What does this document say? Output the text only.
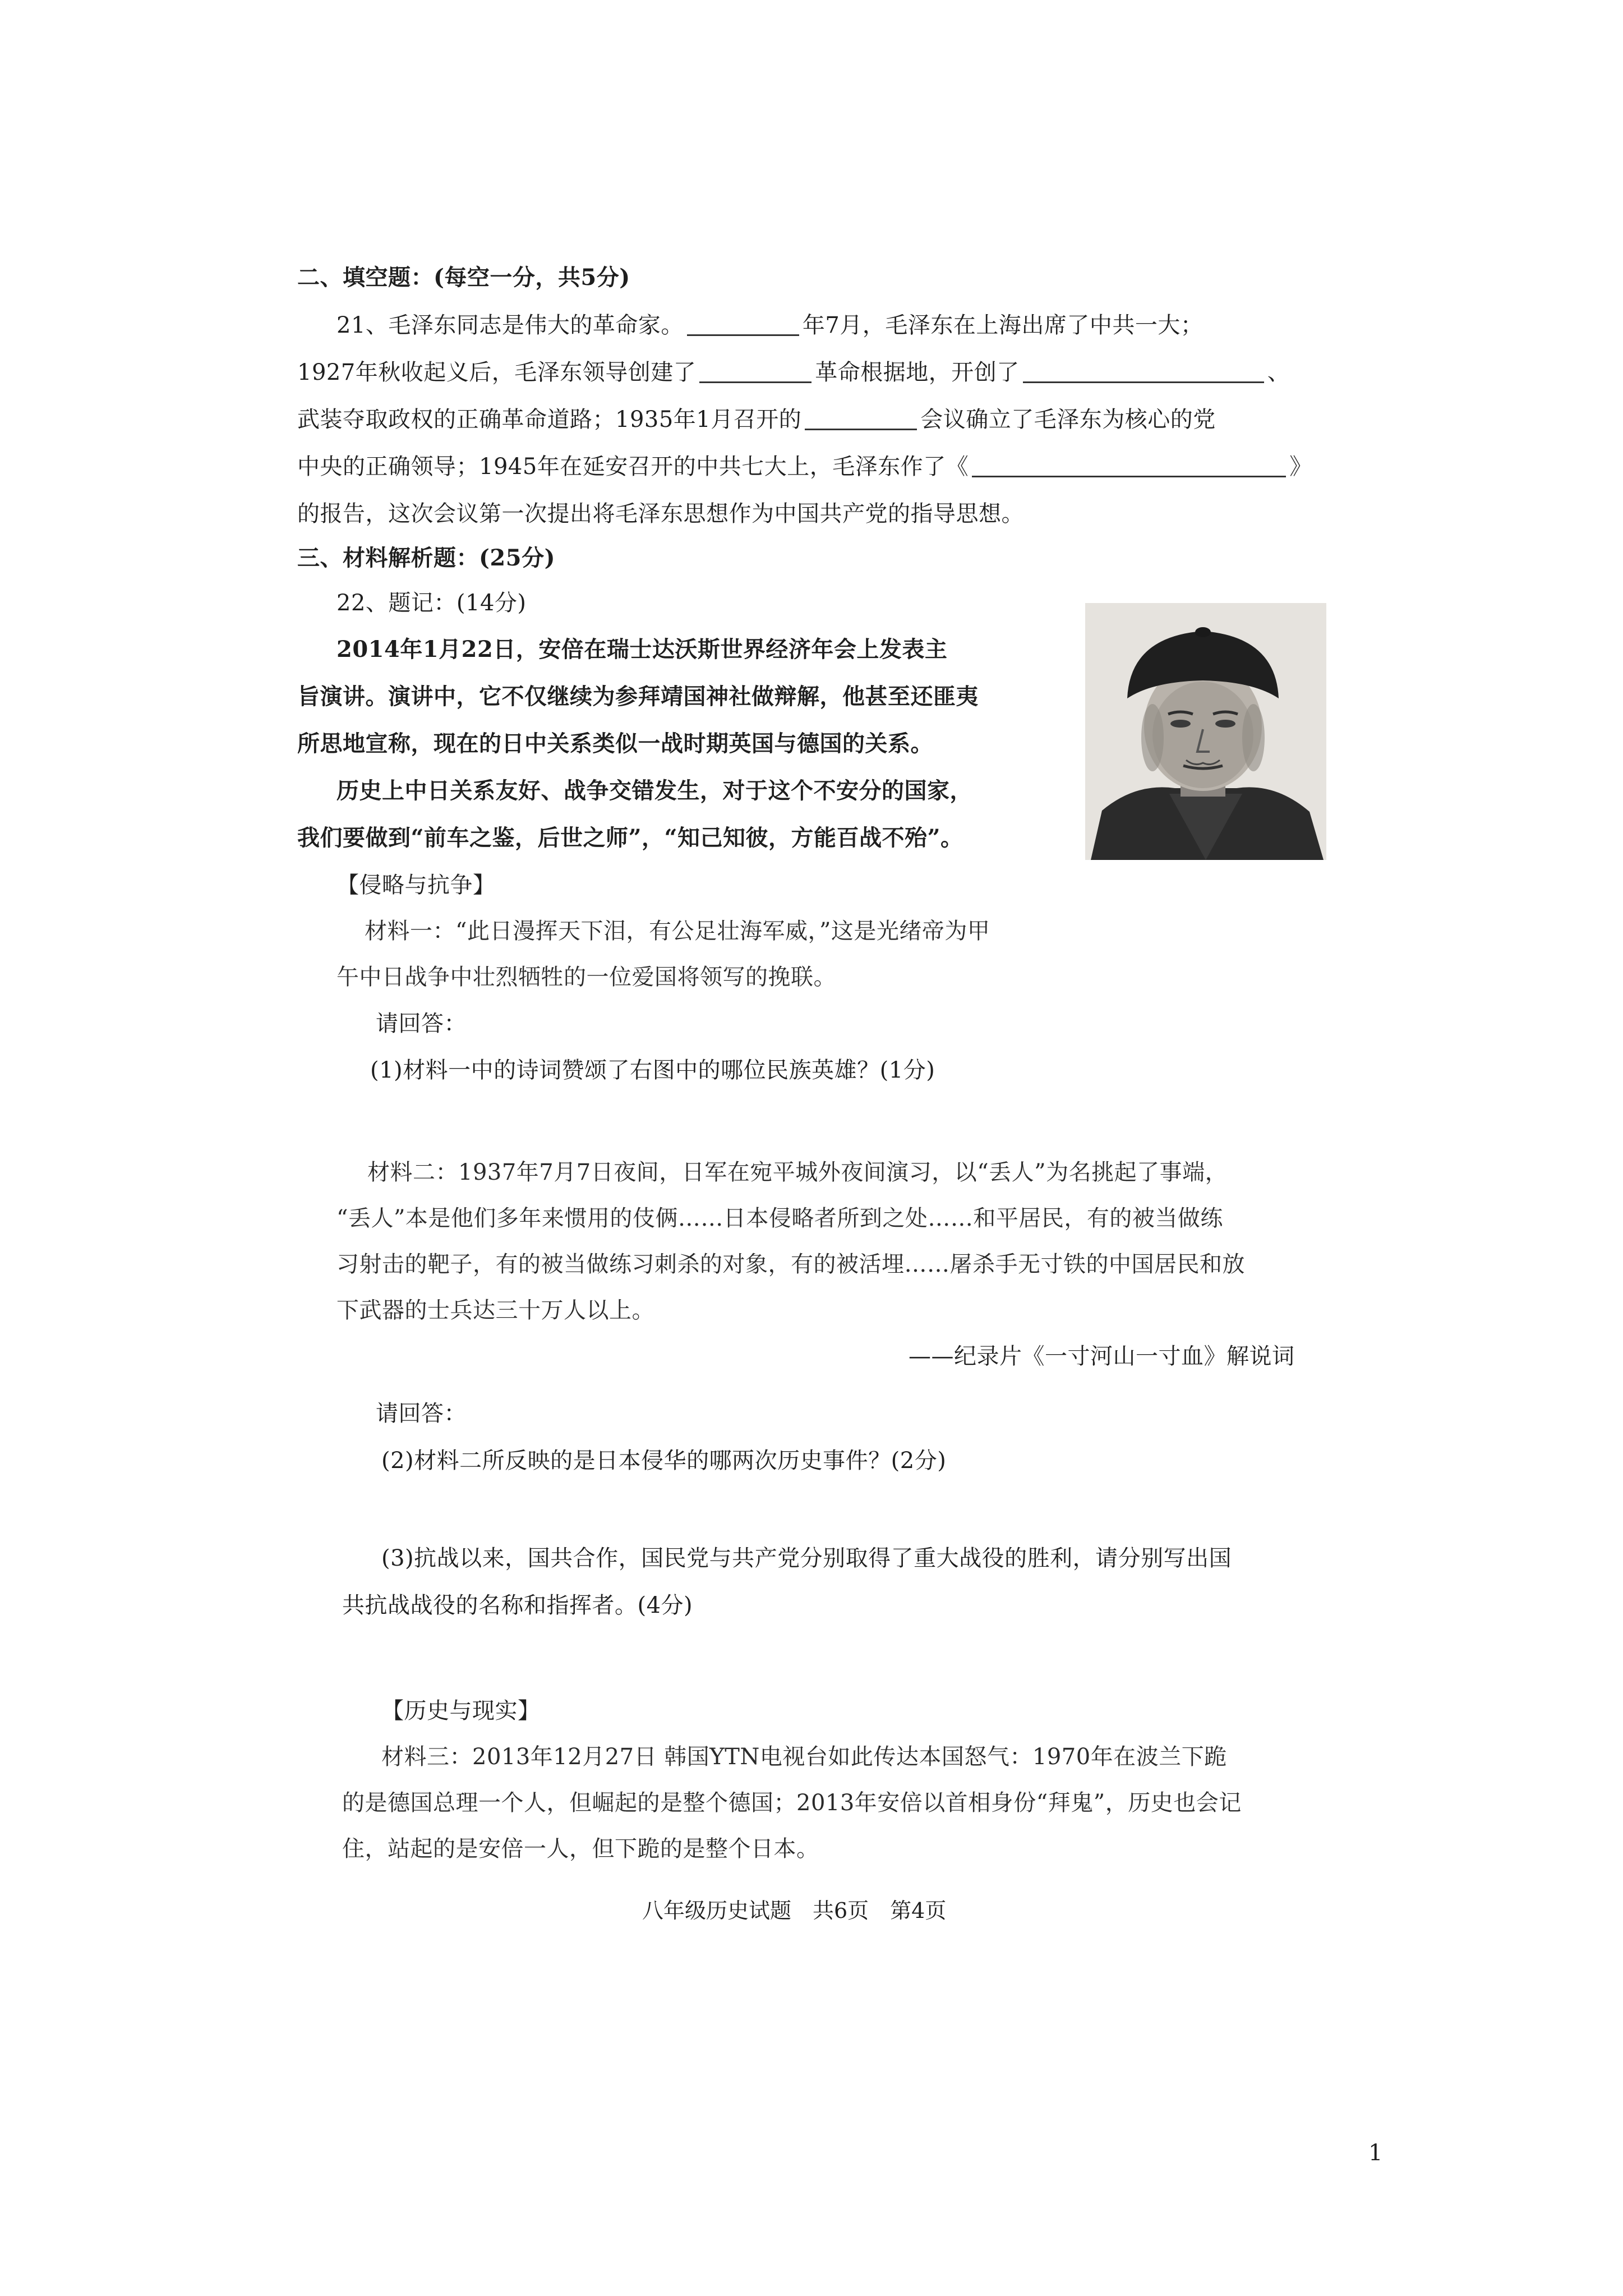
二、填空题：(每空一分，共5分)
21、毛泽东同志是伟大的革命家。	年7月，毛泽东在上海出席了中共一大；
1927年秋收起义后，毛泽东领导创建了	革命根据地，开创了	、
武装夺取政权的正确革命道路；1935年1月召开的	会议确立了毛泽东为核心的党
中央的正确领导；1945年在延安召开的中共七大上，毛泽东作了《	》
的报告，这次会议第一次提出将毛泽东思想作为中国共产党的指导思想。
三、材料解析题：(25分)
22、题记：(14分)
2014年1月22日，安倍在瑞士达沃斯世界经济年会上发表主
旨演讲。演讲中，它不仅继续为参拜靖国神社做辩解，他甚至还匪夷
所思地宣称，现在的日中关系类似一战时期英国与德国的关系。
历史上中日关系友好、战争交错发生，对于这个不安分的国家，
我们要做到“前车之鉴，后世之师”，“知己知彼，方能百战不殆”。
【侵略与抗争】
材料一：“此日漫挥天下泪，有公足壮海军威，”这是光绪帝为甲
午中日战争中壮烈牺牲的一位爱国将领写的挽联。
请回答：
(1)材料一中的诗词赞颂了右图中的哪位民族英雄？(1分)
材料二：1937年7月7日夜间，日军在宛平城外夜间演习，以“丢人”为名挑起了事端，
“丢人”本是他们多年来惯用的伎俩……日本侵略者所到之处……和平居民，有的被当做练
习射击的靶子，有的被当做练习刺杀的对象，有的被活埋……屠杀手无寸铁的中国居民和放
下武器的士兵达三十万人以上。
——纪录片《一寸河山一寸血》解说词
请回答：
(2)材料二所反映的是日本侵华的哪两次历史事件？(2分)
(3)抗战以来，国共合作，国民党与共产党分别取得了重大战役的胜利，请分别写出国
共抗战战役的名称和指挥者。(4分)
【历史与现实】
材料三：2013年12月27日 韩国YTN电视台如此传达本国怒气：1970年在波兰下跪
的是德国总理一个人，但崛起的是整个德国；2013年安倍以首相身份“拜鬼”，历史也会记
住，站起的是安倍一人，但下跪的是整个日本。
八年级历史试题　共6页　第4页
1
